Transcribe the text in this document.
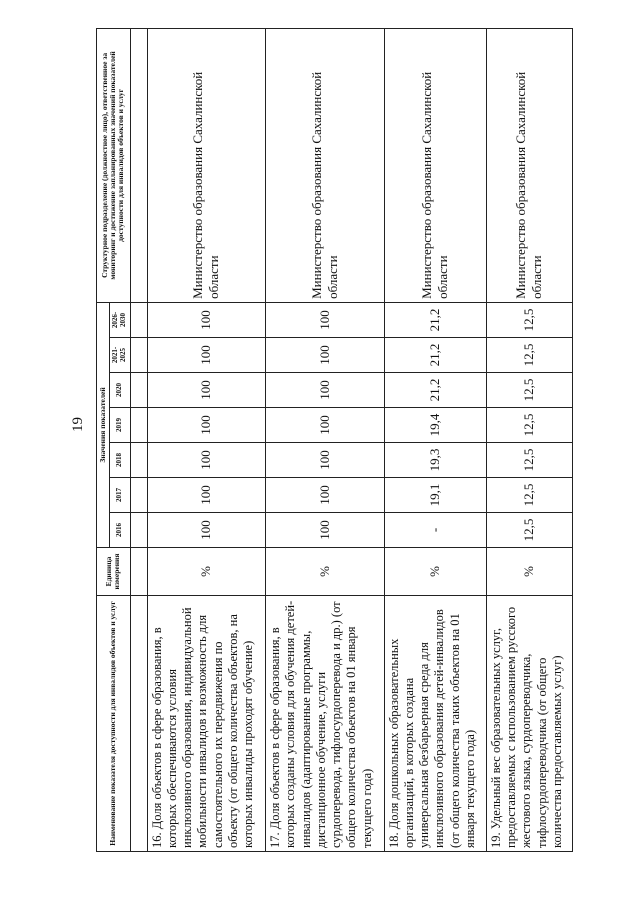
19
Наименование показателя доступности для инвалидов объектов и услуг	Единица измерения	Значения показателей							Структурное подразделение (должностное лицо), ответственное за мониторинг и достижение запланированных значений показателей доступности для инвалидов объектов и услуг
		2016	2017	2018	2019	2020	2021-2025	2026-2030	

16. Доля объектов в сфере образования, в которых обеспечиваются условия инклюзивного образования, индивидуальной мобильности инвалидов и возможность для самостоятельного их передвижения по объекту (от общего количества объектов, на которых инвалиды проходят обучение)	%	100	100	100	100	100	100	100	Министерство образования Сахалинской области
17. Доля объектов в сфере образования, в которых созданы условия для обучения детей-инвалидов (адаптированные программы, дистанционное обучение, услуги сурдоперевода, тифлосурдоперевода и др.) (от общего количества объектов на 01 января текущего года)	%	100	100	100	100	100	100	100	Министерство образования Сахалинской области
18. Доля дошкольных образовательных организаций, в которых создана универсальная безбарьерная среда для инклюзивного образования детей-инвалидов (от общего количества таких объектов на 01 января текущего года)	%	-	19,1	19,3	19,4	21,2	21,2	21,2	Министерство образования Сахалинской области
19. Удельный вес образовательных услуг, предоставляемых с использованием русского жестового языка, сурдопереводчика, тифлосурдопереводчика (от общего количества предоставляемых услуг)	%	12,5	12,5	12,5	12,5	12,5	12,5	12,5	Министерство образования Сахалинской области
